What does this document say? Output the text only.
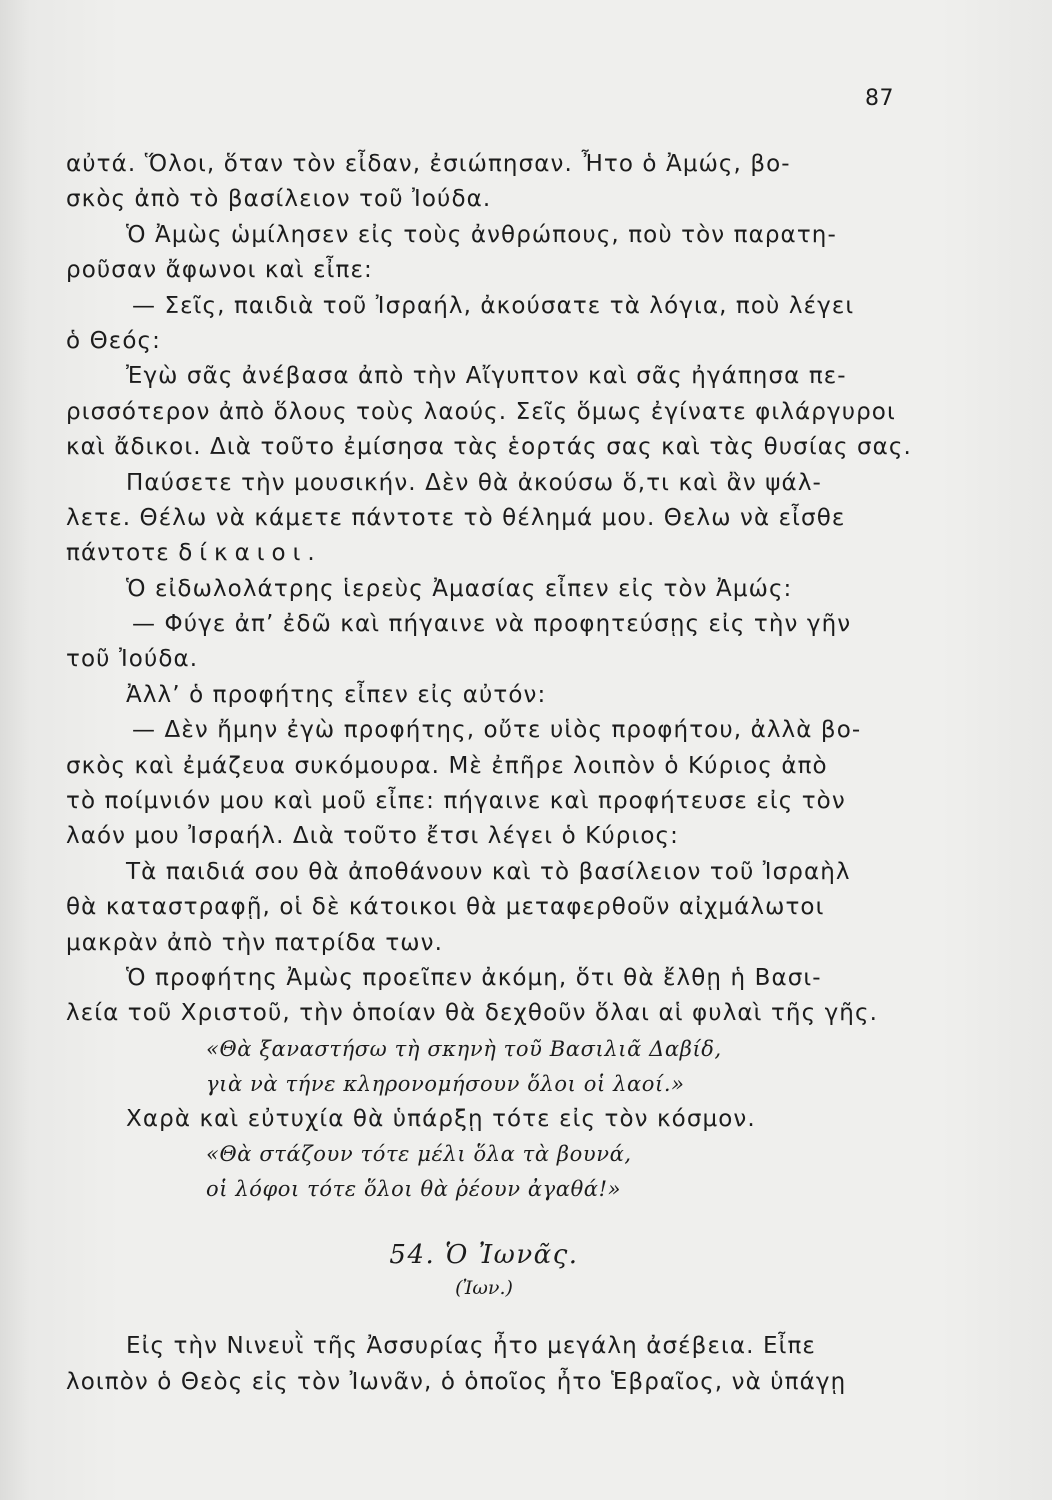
87
αὐτά. Ὅλοι, ὅταν τὸν εἶδαν, ἐσιώπησαν. Ἦτο ὁ Ἀμώς, βο-
σκὸς ἀπὸ τὸ βασίλειον τοῦ Ἰούδα.
Ὁ Ἀμὼς ὡμίλησεν εἰς τοὺς ἀνθρώπους, ποὺ τὸν παρατη-
ροῦσαν ἄφωνοι καὶ εἶπε:
— Σεῖς, παιδιὰ τοῦ Ἰσραήλ, ἀκούσατε τὰ λόγια, ποὺ λέγει
ὁ Θεός:
Ἐγὼ σᾶς ἀνέβασα ἀπὸ τὴν Αἴγυπτον καὶ σᾶς ἠγάπησα πε-
ρισσότερον ἀπὸ ὅλους τοὺς λαούς. Σεῖς ὅμως ἐγίνατε φιλάργυροι
καὶ ἄδικοι. Διὰ τοῦτο ἐμίσησα τὰς ἑορτάς σας καὶ τὰς θυσίας σας.
Παύσετε τὴν μουσικήν. Δὲν θὰ ἀκούσω ὅ,τι καὶ ἂν ψάλ-
λετε. Θέλω νὰ κάμετε πάντοτε τὸ θέλημά μου. Θελω νὰ εἶσθε
πάντοτε δίκαιοι.
Ὁ εἰδωλολάτρης ἱερεὺς Ἀμασίας εἶπεν εἰς τὸν Ἀμώς:
— Φύγε ἀπ’ ἐδῶ καὶ πήγαινε νὰ προφητεύσῃς εἰς τὴν γῆν
τοῦ Ἰούδα.
Ἀλλ’ ὁ προφήτης εἶπεν εἰς αὐτόν:
— Δὲν ἤμην ἐγὼ προφήτης, οὔτε υἱὸς προφήτου, ἀλλὰ βο-
σκὸς καὶ ἐμάζευα συκόμουρα. Μὲ ἐπῆρε λοιπὸν ὁ Κύριος ἀπὸ
τὸ ποίμνιόν μου καὶ μοῦ εἶπε: πήγαινε καὶ προφήτευσε εἰς τὸν
λαόν μου Ἰσραήλ. Διὰ τοῦτο ἔτσι λέγει ὁ Κύριος:
Τὰ παιδιά σου θὰ ἀποθάνουν καὶ τὸ βασίλειον τοῦ Ἰσραὴλ
θὰ καταστραφῇ, οἱ δὲ κάτοικοι θὰ μεταφερθοῦν αἰχμάλωτοι
μακρὰν ἀπὸ τὴν πατρίδα των.
Ὁ προφήτης Ἀμὼς προεῖπεν ἀκόμη, ὅτι θὰ ἔλθῃ ἡ Βασι-
λεία τοῦ Χριστοῦ, τὴν ὁποίαν θὰ δεχθοῦν ὅλαι αἱ φυλαὶ τῆς γῆς.
«Θὰ ξαναστήσω τὴ σκηνὴ τοῦ Βασιλιᾶ Δαβίδ,
γιὰ νὰ τήνε κληρονομήσουν ὅλοι οἱ λαοί.»
Χαρὰ καὶ εὐτυχία θὰ ὑπάρξῃ τότε εἰς τὸν κόσμον.
«Θὰ στάζουν τότε μέλι ὅλα τὰ βουνά,
οἱ λόφοι τότε ὅλοι θὰ ῥέουν ἀγαθά!»
54. Ὁ Ἰωνᾶς.
(Ἰων.)
Εἰς τὴν Νινευῒ τῆς Ἀσσυρίας ἦτο μεγάλη ἀσέβεια. Εἶπε
λοιπὸν ὁ Θεὸς εἰς τὸν Ἰωνᾶν, ὁ ὁποῖος ἦτο Ἑβραῖος, νὰ ὑπάγῃ
